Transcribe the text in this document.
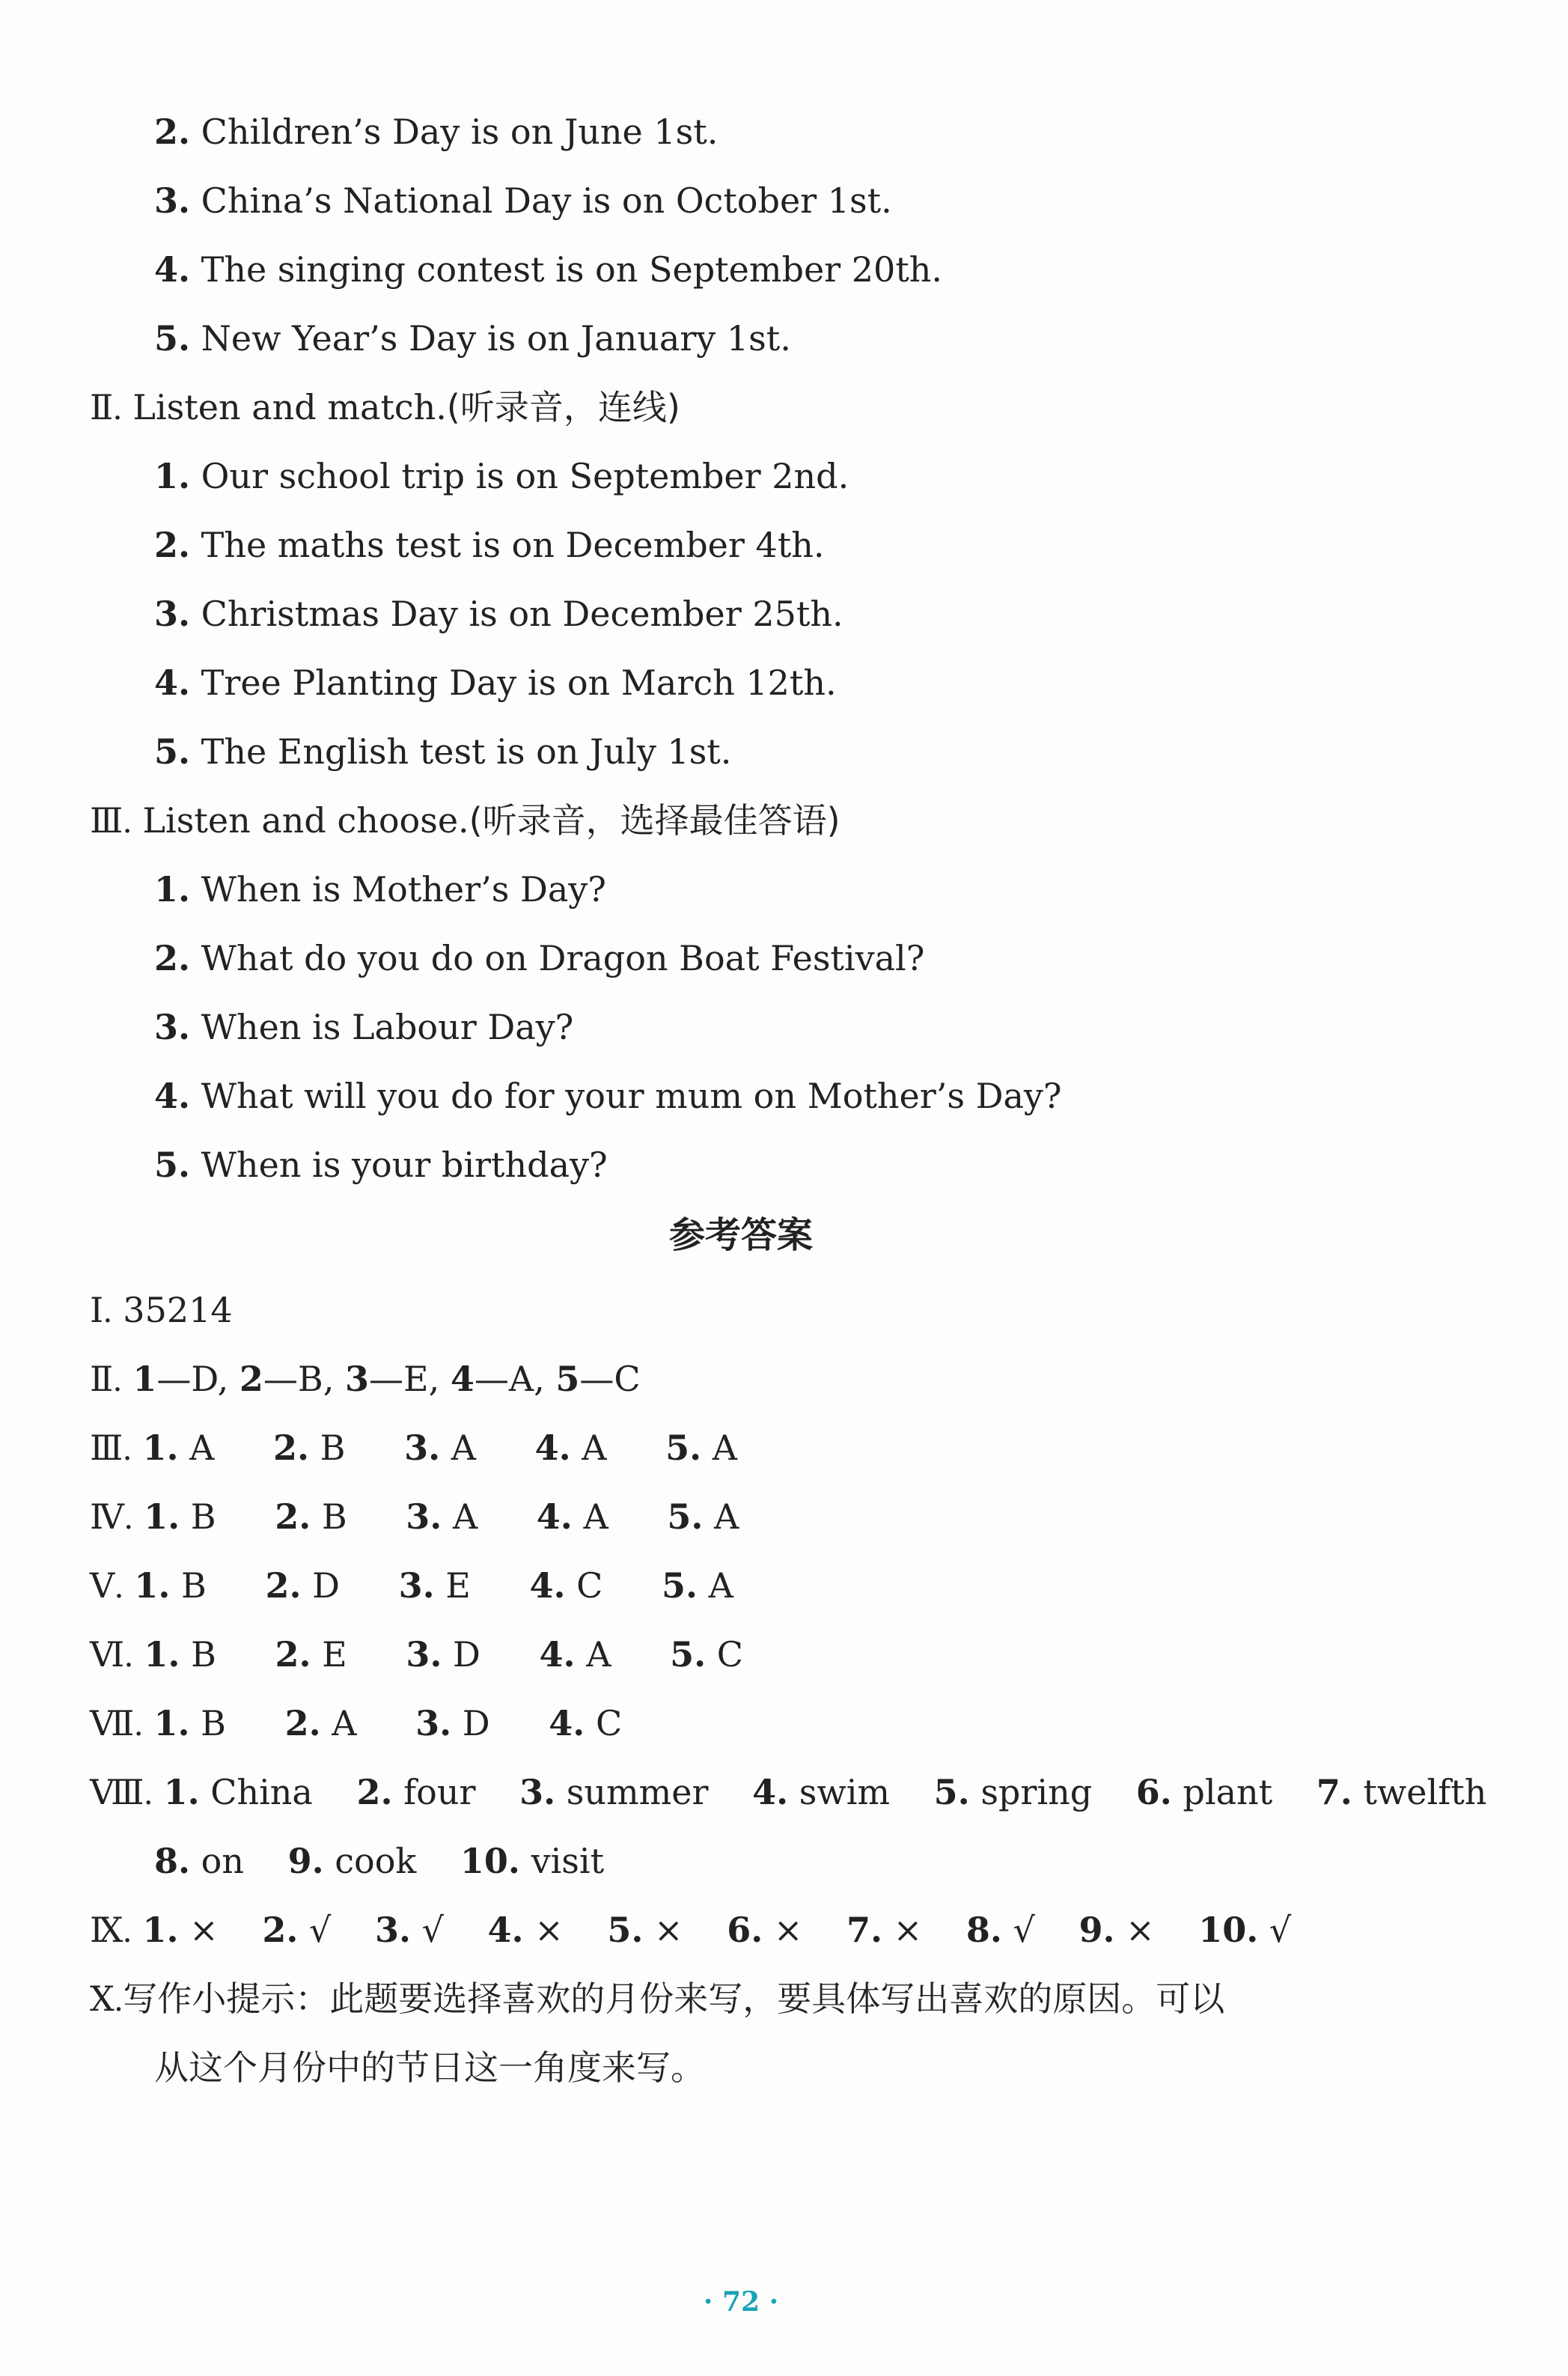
2. Children’s Day is on June 1st.
3. China’s National Day is on October 1st.
4. The singing contest is on September 20th.
5. New Year’s Day is on January 1st.
Ⅱ. Listen and match.(听录音，连线)
1. Our school trip is on September 2nd.
2. The maths test is on December 4th.
3. Christmas Day is on December 25th.
4. Tree Planting Day is on March 12th.
5. The English test is on July 1st.
Ⅲ. Listen and choose.(听录音，选择最佳答语)
1. When is Mother’s Day?
2. What do you do on Dragon Boat Festival?
3. When is Labour Day?
4. What will you do for your mum on Mother’s Day?
5. When is your birthday?
参考答案
Ⅰ. 35214
Ⅱ. 1—D, 2—B, 3—E, 4—A, 5—C
Ⅲ. 1. A 2. B 3. A 4. A 5. A
Ⅳ. 1. B 2. B 3. A 4. A 5. A
Ⅴ. 1. B 2. D 3. E 4. C 5. A
Ⅵ. 1. B 2. E 3. D 4. A 5. C
Ⅶ. 1. B 2. A 3. D 4. C
Ⅷ. 1. China 2. four 3. summer 4. swim 5. spring 6. plant 7. twelfth
8. on 9. cook 10. visit
Ⅸ. 1. × 2. √ 3. √ 4. × 5. × 6. × 7. × 8. √ 9. × 10. √
Ⅹ.写作小提示：此题要选择喜欢的月份来写，要具体写出喜欢的原因。可以
从这个月份中的节日这一角度来写。
· 72 ·
